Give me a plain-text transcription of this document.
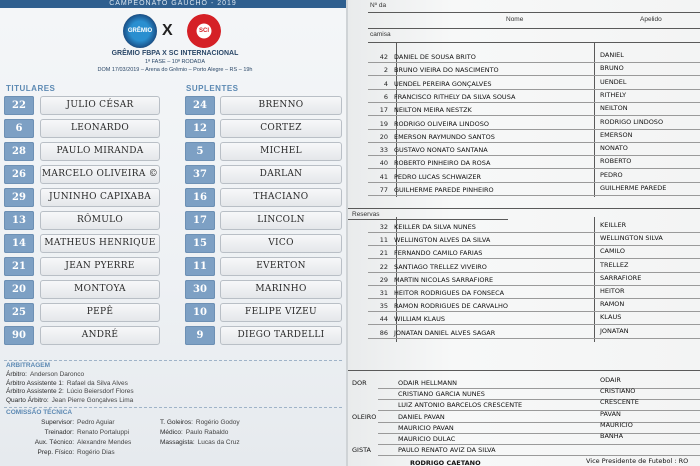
CAMPEONATO GAÚCHO - 2019
GRÊMIO X	SCI
GRÊMIO FBPA X SC INTERNACIONAL
1ª FASE – 10ª RODADA
DOM 17/03/2019 – Arena do Grêmio – Porto Alegre – RS – 19h
TITULARES	SUPLENTES
22	JULIO CÉSAR
6	LEONARDO
28	PAULO MIRANDA
26	MARCELO OLIVEIRA ©
29	JUNINHO CAPIXABA
13	RÔMULO
14	MATHEUS HENRIQUE
21	JEAN PYERRE
20	MONTOYA
25	PEPÊ
90	ANDRÉ
24	BRENNO
12	CORTEZ
5	MICHEL
37	DARLAN
16	THACIANO
17	LINCOLN
15	VICO
11	EVERTON
30	MARINHO
10	FELIPE VIZEU
9	DIEGO TARDELLI
ARBITRAGEM
Árbitro: Anderson Daronco
Árbitro Assistente 1: Rafael da Silva Alves
Árbitro Assistente 2: Lúcio Beiersdorf Flores
Quarto Árbitro: Jean Pierre Gonçalves Lima
COMISSÃO TÉCNICA
Supervisor: Pedro Aguiar
Treinador: Renato Portaluppi
Aux. Técnico: Alexandre Mendes
Prep. Físico: Rogério Dias
T. Goleiros: Rogério Godoy
Médico: Paulo Rabaldo
Massagista: Lucas da Cruz
Nº da
camisa
Nome	Apelido
42 DANIEL DE SOUSA BRITO	DANIEL
2 BRUNO VIEIRA DO NASCIMENTO	BRUNO
4 UENDEL PEREIRA GONÇALVES	UENDEL
6 FRANCISCO RITHELY DA SILVA SOUSA	RITHELY
17 NEILTON MEIRA NESTZK	NEILTON
19 RODRIGO OLIVEIRA LINDOSO	RODRIGO LINDOSO
20 EMERSON RAYMUNDO SANTOS	EMERSON
33 GUSTAVO NONATO SANTANA	NONATO
40 ROBERTO PINHEIRO DA ROSA	ROBERTO
41 PEDRO LUCAS SCHWAIZER	PEDRO
77 GUILHERME PAREDE PINHEIRO	GUILHERME PAREDE
Reservas
32 KEILLER DA SILVA NUNES	KEILLER
11 WELLINGTON ALVES DA SILVA	WELLINGTON SILVA
21 FERNANDO CAMILO FARIAS	CAMILO
22 SANTIAGO TRELLEZ VIVEIRO	TRELLEZ
29 MARTIN NICOLAS SARRAFIORE	SARRAFIORE
31 HEITOR RODRIGUES DA FONSECA	HEITOR
35 RAMON RODRIGUES DE CARVALHO	RAMON
44 WILLIAM KLAUS	KLAUS
86 JONATAN DANIEL ALVES SAGAR	JONATAN
DOR	ODAIR HELLMANN	ODAIR
CRISTIANO GARCIA NUNES	CRISTIANO
LUIZ ANTONIO BARCELOS CRESCENTE	CRESCENTE
OLEIRO	DANIEL PAVAN	PAVAN
MAURICIO PAVAN	MAURICIO
MAURICIO DULAC	BANHA
GISTA	PAULO RENATO AVIZ DA SILVA
RODRIGO CAETANO	Vice Presidente de Futebol : RO
